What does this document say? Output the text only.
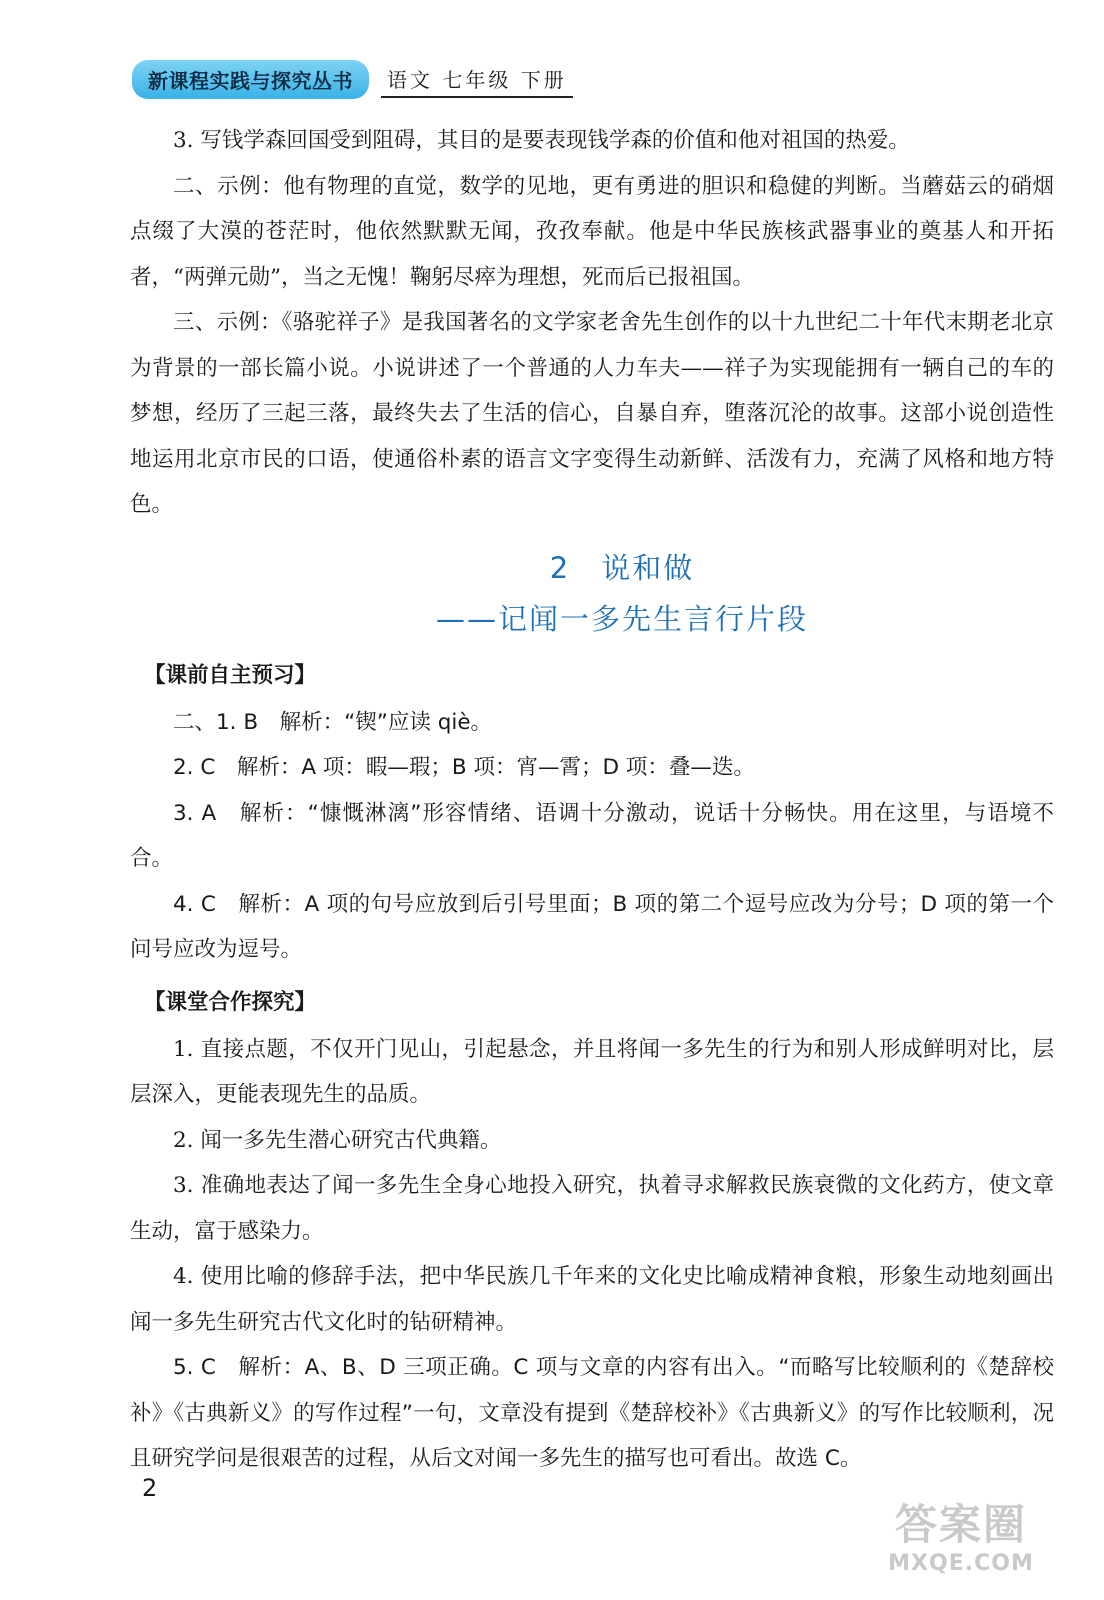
新课程实践与探究丛书	语文 七年级 下册

3. 写钱学森回国受到阻碍，其目的是要表现钱学森的价值和他对祖国的热爱。

二、示例：他有物理的直觉，数学的见地，更有勇进的胆识和稳健的判断。当蘑菇云的硝烟点缀了大漠的苍茫时，他依然默默无闻，孜孜奉献。他是中华民族核武器事业的奠基人和开拓者，“两弹元勋”，当之无愧！鞠躬尽瘁为理想，死而后已报祖国。

三、示例：《骆驼祥子》是我国著名的文学家老舍先生创作的以十九世纪二十年代末期老北京为背景的一部长篇小说。小说讲述了一个普通的人力车夫——祥子为实现能拥有一辆自己的车的梦想，经历了三起三落，最终失去了生活的信心，自暴自弃，堕落沉沦的故事。这部小说创造性地运用北京市民的口语，使通俗朴素的语言文字变得生动新鲜、活泼有力，充满了风格和地方特色。

2　说和做
——记闻一多先生言行片段
【课前自主预习】

二、1. B　解析：“锲”应读 qiè。

2. C　解析：A 项：暇—瑕；B 项：宵—霄；D 项：叠—迭。

3. A　解析：“慷慨淋漓”形容情绪、语调十分激动，说话十分畅快。用在这里，与语境不合。

4. C　解析：A 项的句号应放到后引号里面；B 项的第二个逗号应改为分号；D 项的第一个问号应改为逗号。

【课堂合作探究】

1. 直接点题，不仅开门见山，引起悬念，并且将闻一多先生的行为和别人形成鲜明对比，层层深入，更能表现先生的品质。

2. 闻一多先生潜心研究古代典籍。

3. 准确地表达了闻一多先生全身心地投入研究，执着寻求解救民族衰微的文化药方，使文章生动，富于感染力。

4. 使用比喻的修辞手法，把中华民族几千年来的文化史比喻成精神食粮，形象生动地刻画出闻一多先生研究古代文化时的钻研精神。

5. C　解析：A、B、D 三项正确。C 项与文章的内容有出入。“而略写比较顺利的《楚辞校补》《古典新义》的写作过程”一句，文章没有提到《楚辞校补》《古典新义》的写作比较顺利，况且研究学问是很艰苦的过程，从后文对闻一多先生的描写也可看出。故选 C。

2
答案圈
MXQE.COM
